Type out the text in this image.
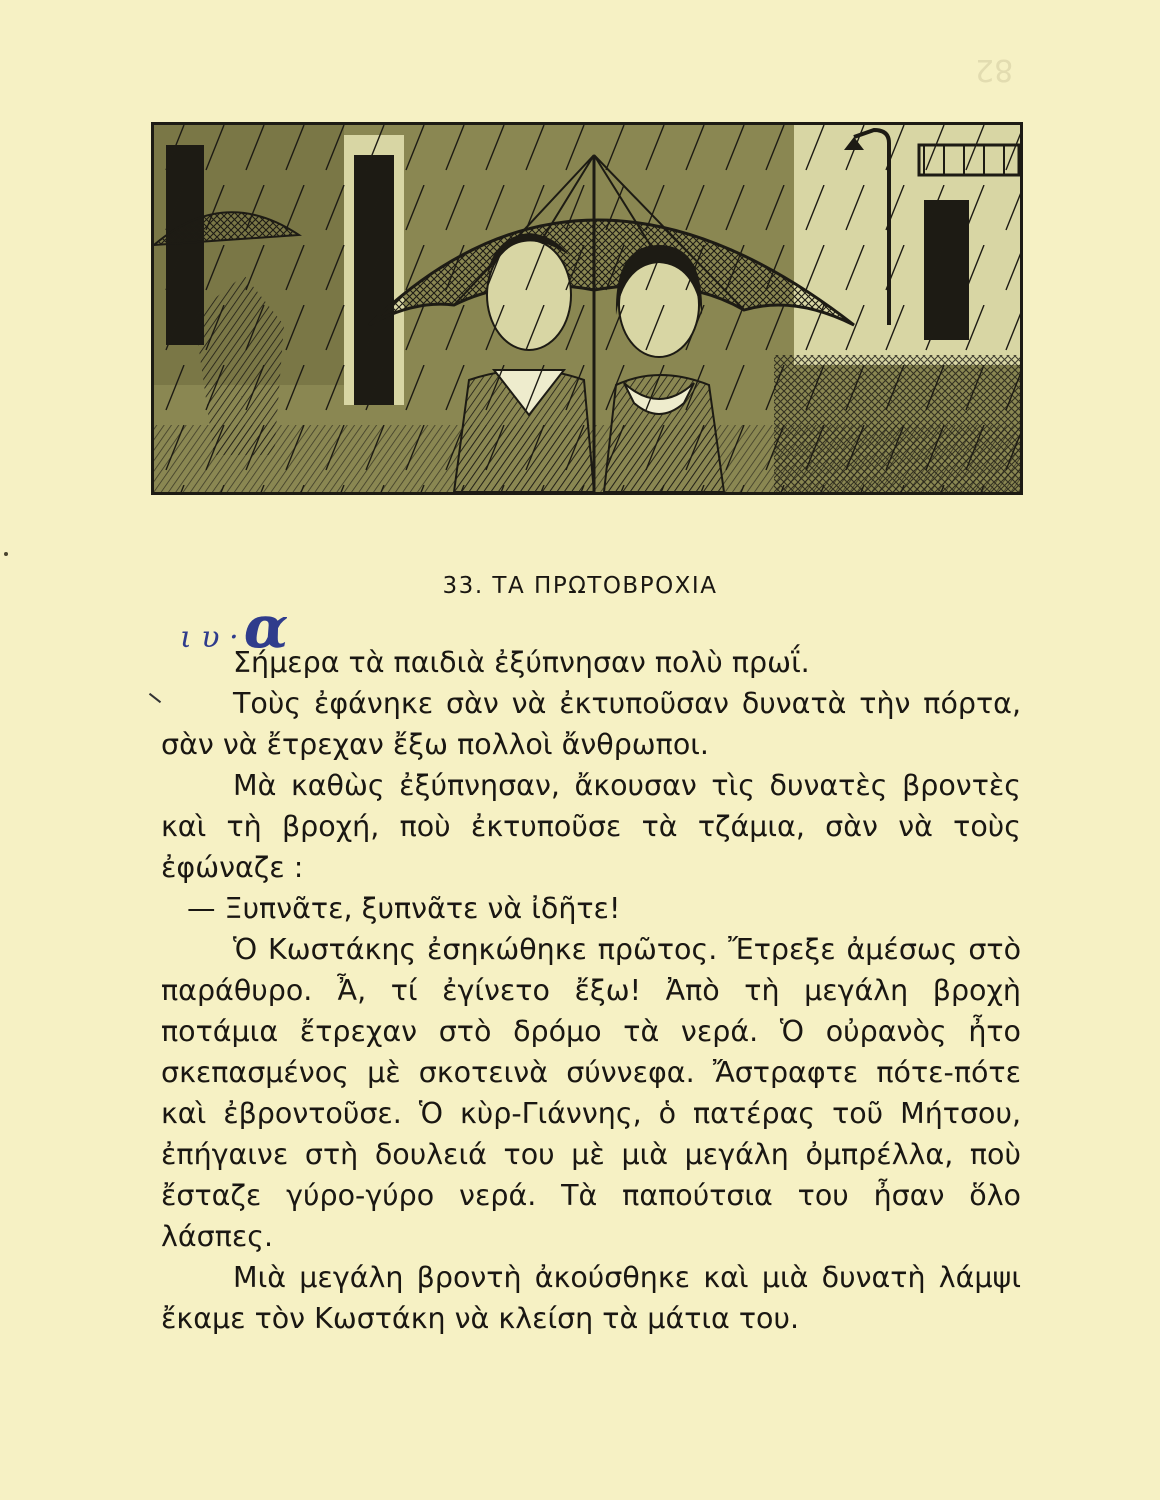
82
33. ΤΑ ΠΡΩΤΟΒΡΟΧΙΑ
ι υ · α

Σήμερα τὰ παιδιὰ ἐξύπνησαν πολὺ πρωΐ.

Τοὺς ἐφάνηκε σὰν νὰ ἐκτυποῦσαν δυνατὰ τὴν πόρτα, σὰν νὰ ἔτρεχαν ἔξω πολλοὶ ἄνθρωποι.

Μὰ καθὼς ἐξύπνησαν, ἄκουσαν τὶς δυνατὲς βροντὲς καὶ τὴ βροχή, ποὺ ἐκτυποῦσε τὰ τζάμια, σὰν νὰ τοὺς ἐφώναζε :

— Ξυπνᾶτε, ξυπνᾶτε νὰ ἰδῆτε!

Ὁ Κωστάκης ἐσηκώθηκε πρῶτος. Ἔτρεξε ἀμέσως στὸ παράθυρο. Ἆ, τί ἐγίνετο ἔξω! Ἀπὸ τὴ μεγάλη βροχὴ ποτάμια ἔτρεχαν στὸ δρόμο τὰ νερά. Ὁ οὐρανὸς ἦτο σκεπασμένος μὲ σκοτεινὰ σύννεφα. Ἄστραφτε πότε-πότε καὶ ἐβροντοῦσε. Ὁ κὺρ-Γιάννης, ὁ πατέρας τοῦ Μήτσου, ἐπήγαινε στὴ δουλειά του μὲ μιὰ μεγάλη ὀμπρέλλα, ποὺ ἔσταζε γύρο-γύρο νερά. Τὰ παπούτσια του ἦσαν ὅλο λάσπες.

Μιὰ μεγάλη βροντὴ ἀκούσθηκε καὶ μιὰ δυνατὴ λάμψι ἔκαμε τὸν Κωστάκη νὰ κλείση τὰ μάτια του.
